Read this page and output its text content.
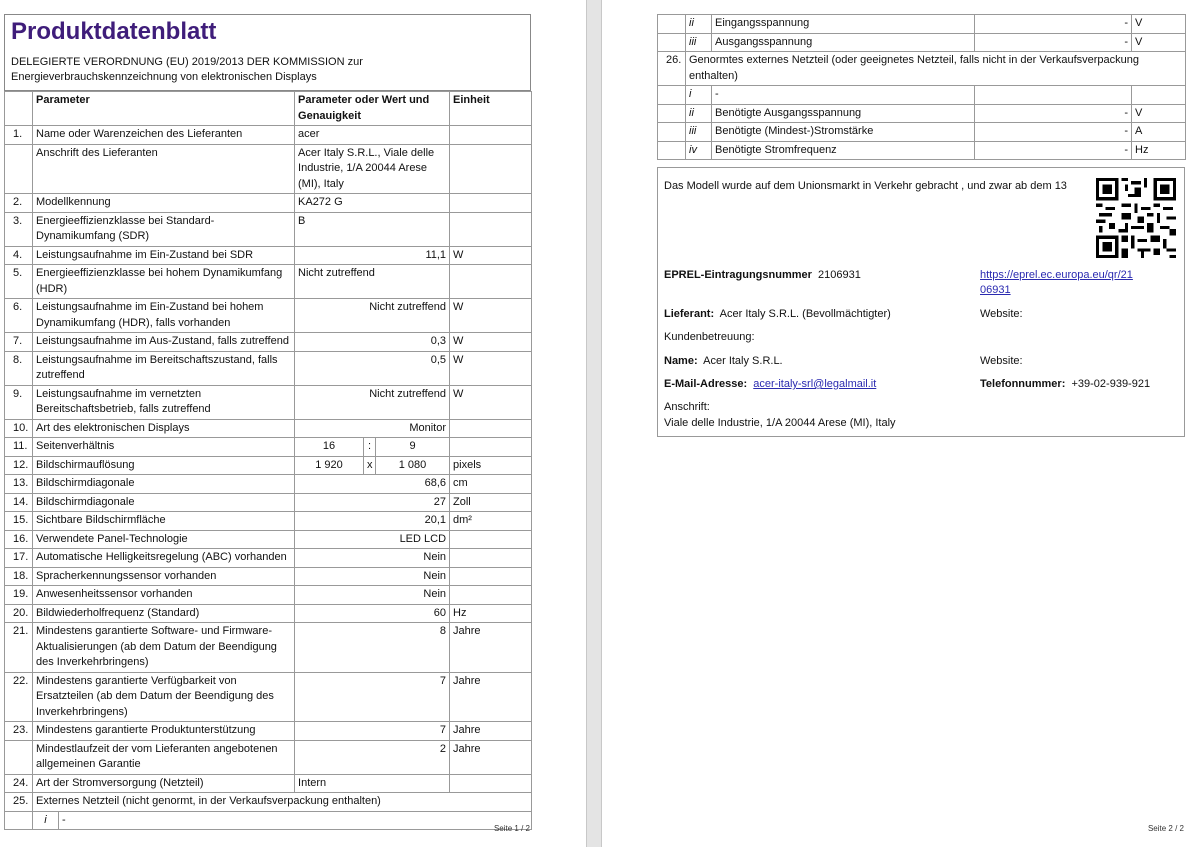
Produktdatenblatt
DELEGIERTE VERORDNUNG (EU) 2019/2013 DER KOMMISSION zur
Energieverbrauchskennzeichnung von elektronischen Displays
	Parameter		Parameter oder Wert und Genauigkeit			Einheit
1.	Name oder Warenzeichen des Lieferanten		acer			
	Anschrift des Lieferanten		Acer Italy S.R.L., Viale delle Industrie, 1/A 20044 Arese (MI), Italy			
2.	Modellkennung		KA272 G			
3.	Energieeffizienzklasse bei Standard-Dynamikumfang (SDR)		B			
4.	Leistungsaufnahme im Ein-Zustand bei SDR		11,1			W
5.	Energieeffizienzklasse bei hohem Dynamikumfang (HDR)		Nicht zutreffend			
6.	Leistungsaufnahme im Ein-Zustand bei hohem Dynamikumfang (HDR), falls vorhanden		Nicht zutreffend			W
7.	Leistungsaufnahme im Aus-Zustand, falls zutreffend		0,3			W
8.	Leistungsaufnahme im Bereitschaftszustand, falls zutreffend		0,5			W
9.	Leistungsaufnahme im vernetzten Bereitschaftsbetrieb, falls zutreffend		Nicht zutreffend			W
10.	Art des elektronischen Displays		Monitor			
11.	Seitenverhältnis		16	:	9	
12.	Bildschirmauflösung		1 920	x	1 080	pixels
13.	Bildschirmdiagonale		68,6			cm
14.	Bildschirmdiagonale		27			Zoll
15.	Sichtbare Bildschirmfläche		20,1			dm²
16.	Verwendete Panel-Technologie		LED LCD			
17.	Automatische Helligkeitsregelung (ABC) vorhanden		Nein			
18.	Spracherkennungssensor vorhanden		Nein			
19.	Anwesenheitssensor vorhanden		Nein			
20.	Bildwiederholfrequenz (Standard)		60			Hz
21.	Mindestens garantierte Software- und Firmware-Aktualisierungen (ab dem Datum der Beendigung des Inverkehrbringens)		8			Jahre
22.	Mindestens garantierte Verfügbarkeit von Ersatzteilen (ab dem Datum der Beendigung des Inverkehrbringens)		7			Jahre
23.	Mindestens garantierte Produktunterstützung		7			Jahre
	Mindestlaufzeit der vom Lieferanten angebotenen allgemeinen Garantie		2			Jahre
24.	Art der Stromversorgung (Netzteil)		Intern			
25.	Externes Netzteil (nicht genormt, in der Verkaufsverpackung enthalten)					
	i	-				
Seite 1 / 2
	ii	Eingangsspannung	-	V
	iii	Ausgangsspannung	-	V
26.	Genormtes externes Netzteil (oder geeignetes Netzteil, falls nicht in der Verkaufsverpackung enthalten)			
	i	-		
	ii	Benötigte Ausgangsspannung	-	V
	iii	Benötigte (Mindest-)Stromstärke	-	A
	iv	Benötigte Stromfrequenz	-	Hz
Das Modell wurde auf dem Unionsmarkt in Verkehr gebracht , und zwar ab dem 13
EPREL-Eintragungsnummer 2106931	https://eprel.ec.europa.eu/qr/21
06931
Lieferant: Acer Italy S.R.L. (Bevollmächtigter)	Website:
Kundenbetreuung:
Name: Acer Italy S.R.L.	Website:
E-Mail-Adresse: acer-italy-srl@legalmail.it	Telefonnummer: +39-02-939-921
Anschrift:
Viale delle Industrie, 1/A 20044 Arese (MI), Italy
Seite 2 / 2
